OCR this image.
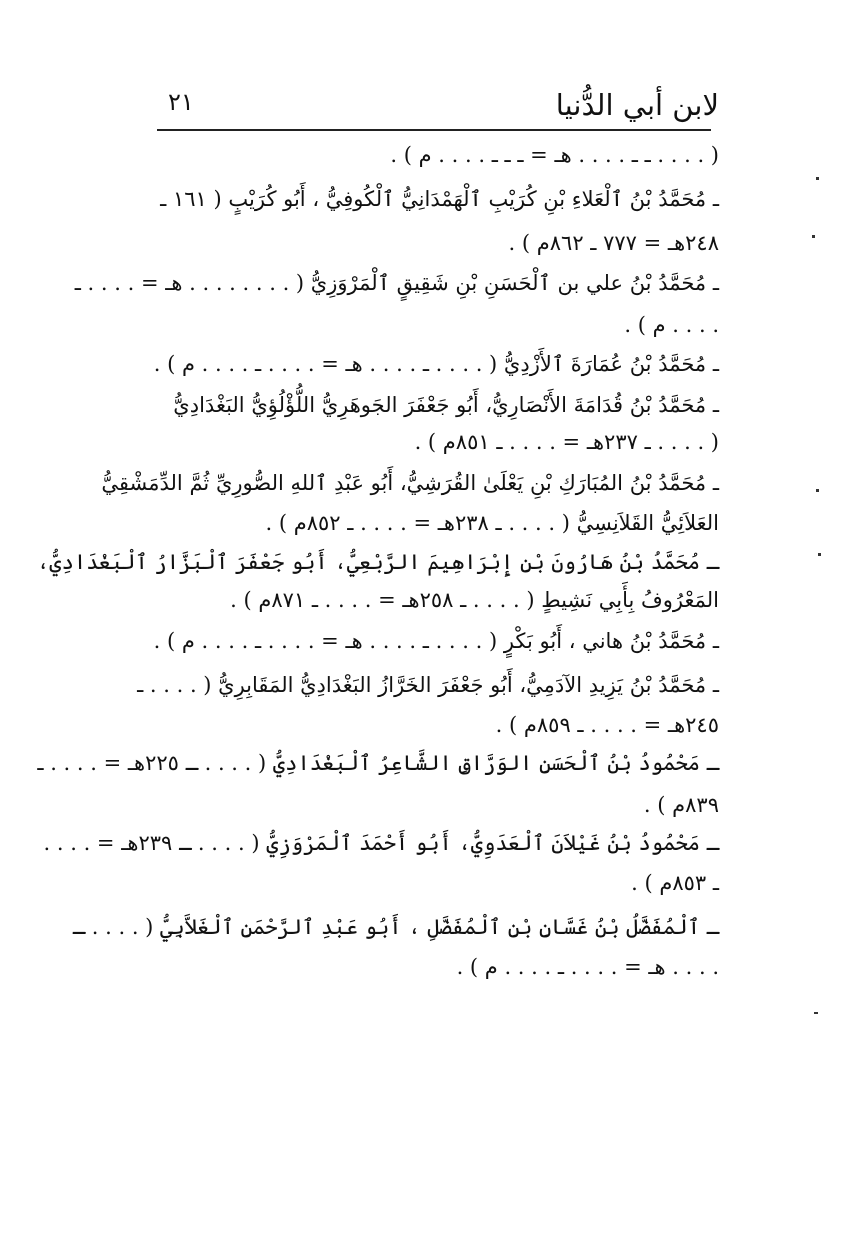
لابن أبي الدُّنيا
٢١
( . . . . ـ ـ . . . . هـ = ـ ـ ـ . . . . م ) .
ـ مُحَمَّدُ بْنُ ٱلْعَلاءِ بْنِ كُرَيْبِ ٱلْهَمْدَانِيُّ ٱلْكُوفِيُّ ، أَبُو كُرَيْبٍ ( ١٦١ ـ
٢٤٨هـ = ٧٧٧ ـ ٨٦٢م ) .
ـ مُحَمَّدُ بْنُ علي بن ٱلْحَسَنِ بْنِ شَقِيقٍ ٱلْمَرْوَزِيُّ ( . . . . . . . . هـ = . . . . ـ
. . . . م ) .
ـ مُحَمَّدُ بْنُ عُمَارَةَ ٱلأَزْدِيُّ ( . . . . ـ . . . . هـ = . . . . ـ . . . . م ) .
ـ مُحَمَّدُ بْنُ قُدَامَةَ الأَنْصَارِيُّ، أَبُو جَعْفَرَ الجَوهَرِيُّ اللُّؤْلُؤِيُّ البَغْدَادِيُّ
( . . . . ـ ٢٣٧هـ = . . . . ـ ٨٥١م ) .
ـ مُحَمَّدُ بْنُ المُبَارَكِ بْنِ يَعْلَىٰ القُرَشِيُّ، أَبُو عَبْدِ ٱللهِ الصُّورِيِّ ثُمَّ الدِّمَشْقِيُّ
العَلاَئِيُّ القَلاَنِسِيُّ ( . . . . ـ ٢٣٨هـ = . . . . ـ ٨٥٢م ) .
ـ مُحَمَّدُ بْنُ هَارُونَ بْنِ إِبْرَاهِيمَ الرَّبْعِيُّ، أَبُو جَعْفَرَ ٱلْبَزَّارُ ٱلْبَغْدَادِيُّ،
المَعْرُوفُ بِأَبِي نَشِيطٍ ( . . . . ـ ٢٥٨هـ = . . . . ـ ٨٧١م ) .
ـ مُحَمَّدُ بْنُ هاني ، أَبُو بَكْرٍ ( . . . . ـ . . . . هـ = . . . . ـ . . . . م ) .
ـ مُحَمَّدُ بْنُ يَزِيدِ الآدَمِيُّ، أَبُو جَعْفَرَ الخَرَّازُ البَغْدَادِيُّ المَقَابِرِيُّ ( . . . . ـ
٢٤٥هـ = . . . . ـ ٨٥٩م ) .
ـ مَحْمُودُ بْنُ ٱلْحَسَنِ الوَرَّاقِ الشَّاعِرُ ٱلْبَغْدَادِيُّ ( . . . . ـ ٢٢٥هـ = . . . . ـ
٨٣٩م ) .
ـ مَحْمُودُ بْنُ غَيْلاَنَ ٱلْعَدَوِيُّ، أَبُو أَحْمَدَ ٱلْمَرْوَزِيُّ ( . . . . ـ ٢٣٩هـ = . . . .
ـ ٨٥٣م ) .
ـ ٱلْمُفَضَّلُ بْنُ غَسَّانِ بْنِ ٱلْمُفَضَّلِ ، أَبُو عَبْدِ ٱلرَّحْمَنِ ٱلْغَلاَّبِيُّ ( . . . . ـ
. . . . هـ = . . . . ـ . . . . م ) .
